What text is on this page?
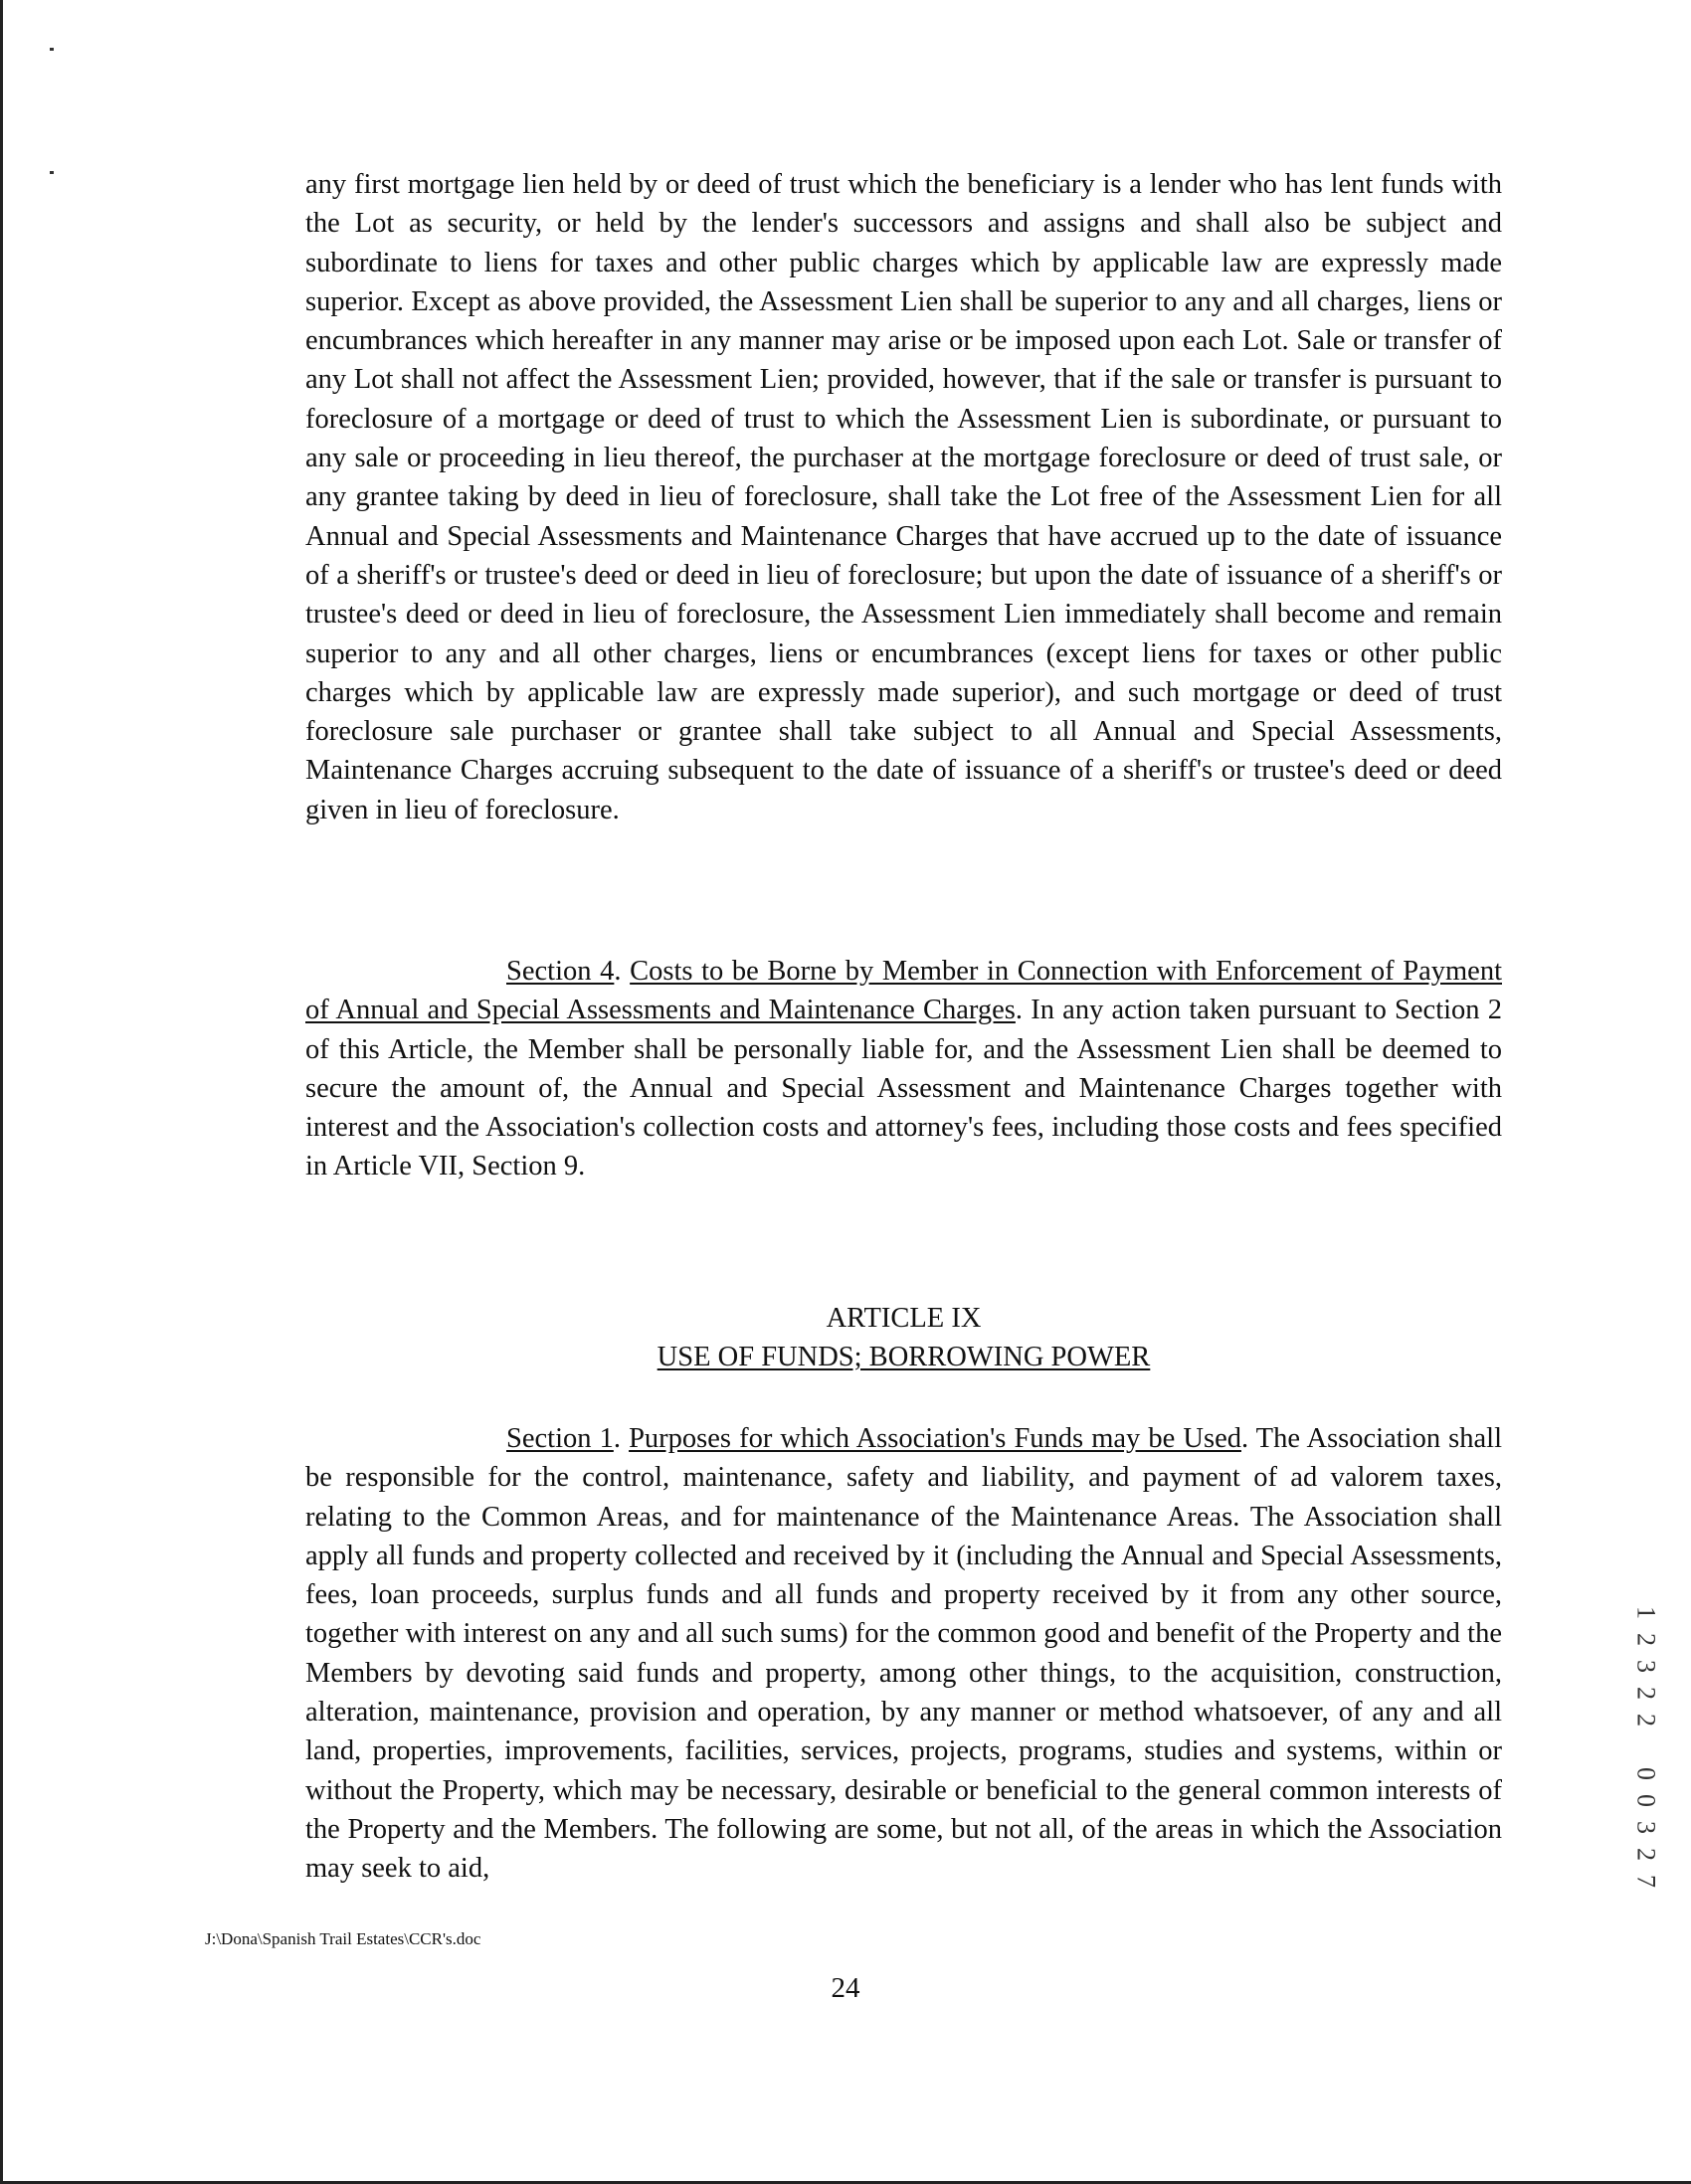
any first mortgage lien held by or deed of trust which the beneficiary is a lender who has lent funds with the Lot as security, or held by the lender's successors and assigns and shall also be subject and subordinate to liens for taxes and other public charges which by applicable law are expressly made superior. Except as above provided, the Assessment Lien shall be superior to any and all charges, liens or encumbrances which hereafter in any manner may arise or be imposed upon each Lot. Sale or transfer of any Lot shall not affect the Assessment Lien; provided, however, that if the sale or transfer is pursuant to foreclosure of a mortgage or deed of trust to which the Assessment Lien is subordinate, or pursuant to any sale or proceeding in lieu thereof, the purchaser at the mortgage foreclosure or deed of trust sale, or any grantee taking by deed in lieu of foreclosure, shall take the Lot free of the Assessment Lien for all Annual and Special Assessments and Maintenance Charges that have accrued up to the date of issuance of a sheriff's or trustee's deed or deed in lieu of foreclosure; but upon the date of issuance of a sheriff's or trustee's deed or deed in lieu of foreclosure, the Assessment Lien immediately shall become and remain superior to any and all other charges, liens or encumbrances (except liens for taxes or other public charges which by applicable law are expressly made superior), and such mortgage or deed of trust foreclosure sale purchaser or grantee shall take subject to all Annual and Special Assessments, Maintenance Charges accruing subsequent to the date of issuance of a sheriff's or trustee's deed or deed given in lieu of foreclosure.

Section 4. Costs to be Borne by Member in Connection with Enforcement of Payment of Annual and Special Assessments and Maintenance Charges. In any action taken pursuant to Section 2 of this Article, the Member shall be personally liable for, and the Assessment Lien shall be deemed to secure the amount of, the Annual and Special Assessment and Maintenance Charges together with interest and the Association's collection costs and attorney's fees, including those costs and fees specified in Article VII, Section 9.

ARTICLE IX
USE OF FUNDS; BORROWING POWER

Section 1. Purposes for which Association's Funds may be Used. The Association shall be responsible for the control, maintenance, safety and liability, and payment of ad valorem taxes, relating to the Common Areas, and for maintenance of the Maintenance Areas. The Association shall apply all funds and property collected and received by it (including the Annual and Special Assessments, fees, loan proceeds, surplus funds and all funds and property received by it from any other source, together with interest on any and all such sums) for the common good and benefit of the Property and the Members by devoting said funds and property, among other things, to the acquisition, construction, alteration, maintenance, provision and operation, by any manner or method whatsoever, of any and all land, properties, improvements, facilities, services, projects, programs, studies and systems, within or without the Property, which may be necessary, desirable or beneficial to the general common interests of the Property and the Members. The following are some, but not all, of the areas in which the Association may seek to aid,

J:\Dona\Spanish Trail Estates\CCR's.doc
24
1
2
3
2
2
0
0
3
2
7
